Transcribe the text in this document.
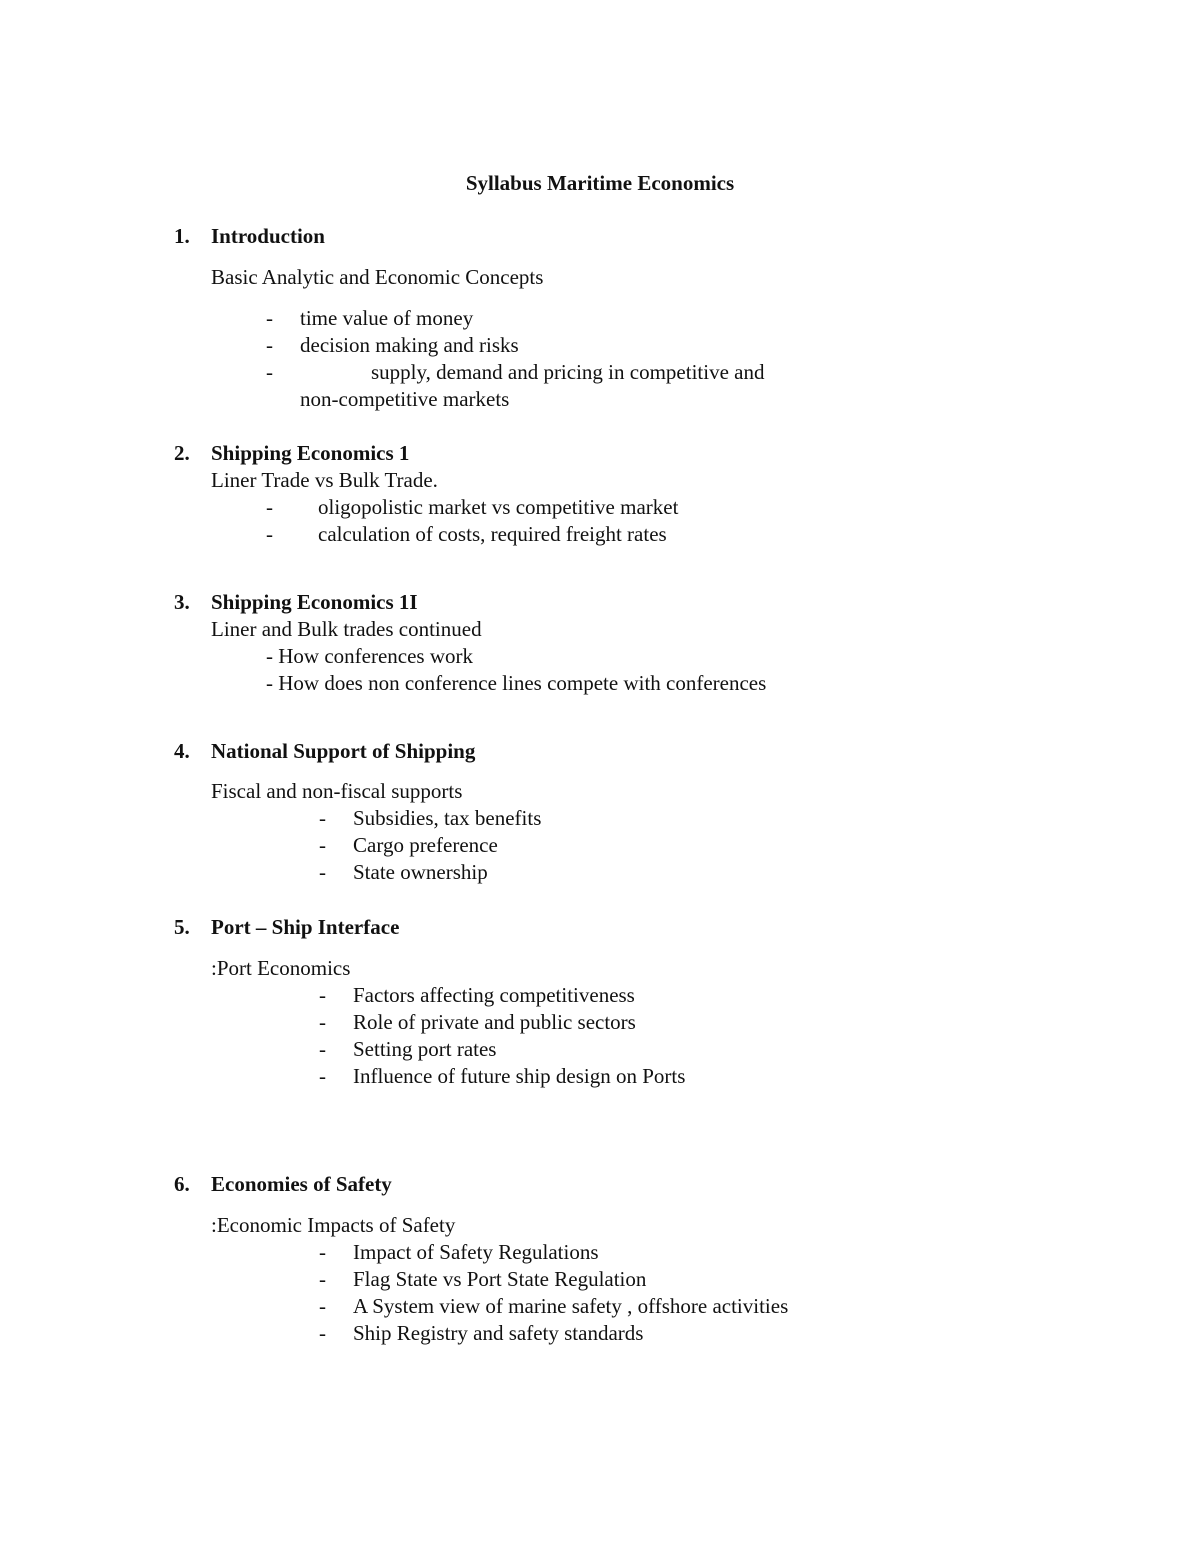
Syllabus Maritime Economics
1. Introduction
Basic Analytic and Economic Concepts
- time value of money
- decision making and risks
-	supply, demand and pricing in competitive and
non-competitive markets
2. Shipping Economics 1
Liner Trade vs Bulk Trade.
- oligopolistic market vs competitive market
- calculation of costs, required freight rates
3. Shipping Economics 1I
Liner and Bulk trades continued
- How conferences work
- How does non conference lines compete with conferences
4. National Support of Shipping
Fiscal and non-fiscal supports
- Subsidies, tax benefits
- Cargo preference
- State ownership
5. Port – Ship Interface
:Port Economics
- Factors affecting competitiveness
- Role of private and public sectors
- Setting port rates
- Influence of future ship design on Ports
6. Economies of Safety
:Economic Impacts of Safety
- Impact of Safety Regulations
- Flag State vs Port State Regulation
- A System view of marine safety , offshore activities
- Ship Registry and safety standards
